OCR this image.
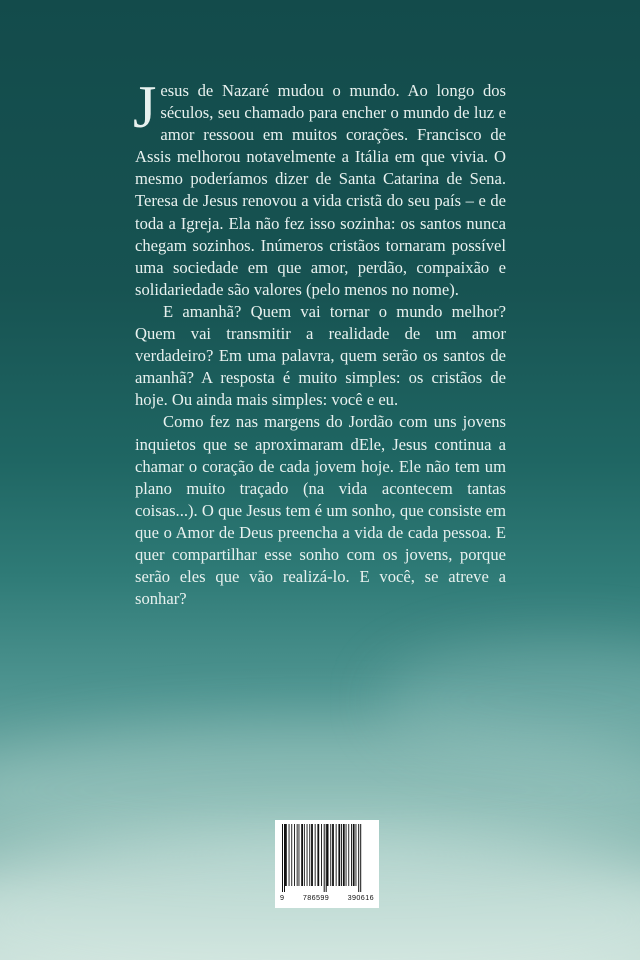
Jesus de Nazaré mudou o mundo. Ao longo dos séculos, seu chamado para encher o mundo de luz e amor ressoou em muitos corações. Francisco de Assis melhorou notavelmente a Itália em que vivia. O mesmo poderíamos dizer de Santa Catarina de Sena. Teresa de Jesus renovou a vida cristã do seu país – e de toda a Igreja. Ela não fez isso sozinha: os santos nunca chegam sozinhos. Inúmeros cristãos tornaram possível uma sociedade em que amor, perdão, compaixão e solidariedade são valores (pelo menos no nome).

E amanhã? Quem vai tornar o mundo melhor? Quem vai transmitir a realidade de um amor verdadeiro? Em uma palavra, quem serão os santos de amanhã? A resposta é muito simples: os cristãos de hoje. Ou ainda mais simples: você e eu.

Como fez nas margens do Jordão com uns jovens inquietos que se aproximaram dEle, Jesus continua a chamar o coração de cada jovem hoje. Ele não tem um plano muito traçado (na vida acontecem tantas coisas...). O que Jesus tem é um sonho, que consiste em que o Amor de Deus preencha a vida de cada pessoa. E quer compartilhar esse sonho com os jovens, porque serão eles que vão realizá-lo. E você, se atreve a sonhar?

9	786599	390616
